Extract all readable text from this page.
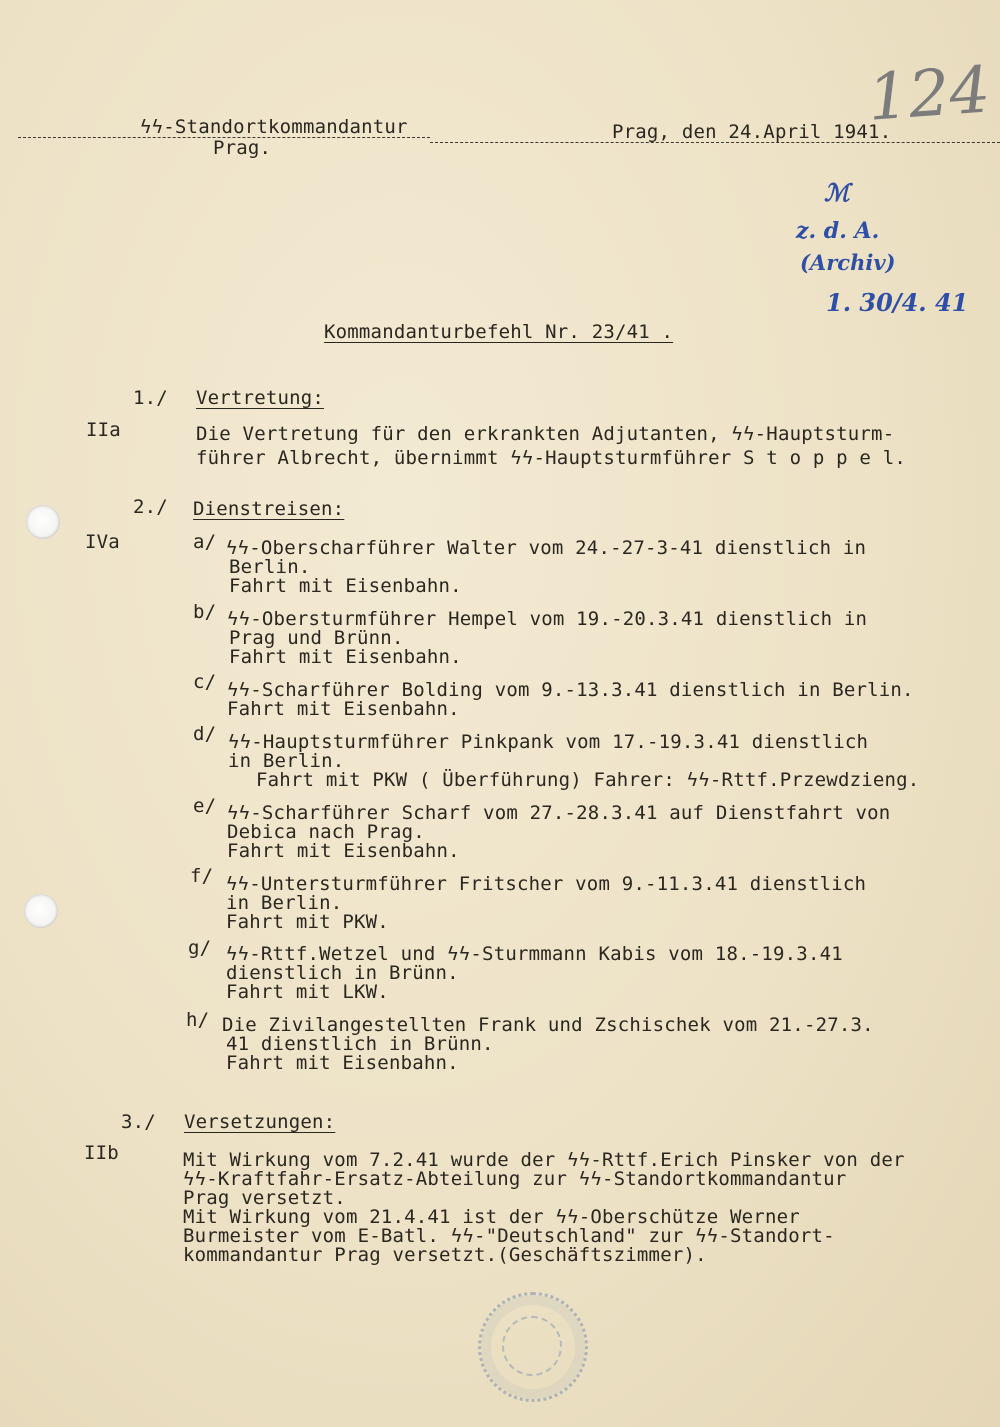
124
ϟϟ-Standortkommandantur
Prag.
Prag, den 24.April 1941.
ℳ
z. d. A.
(Archiv)
1. 30/4. 41
Kommandanturbefehl Nr. 23/41 .
1./ Vertretung:
IIa	Die Vertretung für den erkrankten Adjutanten, ϟϟ-Hauptsturm-
führer Albrecht, übernimmt ϟϟ-Hauptsturmführer S t o p p e l.
2./ Dienstreisen:
IVa	a/ ϟϟ-Oberscharführer Walter vom 24.-27-3-41 dienstlich in
Berlin.
Fahrt mit Eisenbahn.
b/ ϟϟ-Obersturmführer Hempel vom 19.-20.3.41 dienstlich in
Prag und Brünn.
Fahrt mit Eisenbahn.
c/ ϟϟ-Scharführer Bolding vom 9.-13.3.41 dienstlich in Berlin.
Fahrt mit Eisenbahn.
d/ ϟϟ-Hauptsturmführer Pinkpank vom 17.-19.3.41 dienstlich
in Berlin.
Fahrt mit PKW ( Überführung) Fahrer: ϟϟ-Rttf.Przewdzieng.
e/ ϟϟ-Scharführer Scharf vom 27.-28.3.41 auf Dienstfahrt von
Debica nach Prag.
Fahrt mit Eisenbahn.
f/ ϟϟ-Untersturmführer Fritscher vom 9.-11.3.41 dienstlich
in Berlin.
Fahrt mit PKW.
g/ ϟϟ-Rttf.Wetzel und ϟϟ-Sturmmann Kabis vom 18.-19.3.41
dienstlich in Brünn.
Fahrt mit LKW.
h/ Die Zivilangestellten Frank und Zschischek vom 21.-27.3.
41 dienstlich in Brünn.
Fahrt mit Eisenbahn.
3./ Versetzungen:
IIb	Mit Wirkung vom 7.2.41 wurde der ϟϟ-Rttf.Erich Pinsker von der
ϟϟ-Kraftfahr-Ersatz-Abteilung zur ϟϟ-Standortkommandantur
Prag versetzt.
Mit Wirkung vom 21.4.41 ist der ϟϟ-Oberschütze Werner
Burmeister vom E-Batl. ϟϟ-"Deutschland" zur ϟϟ-Standort-
kommandantur Prag versetzt.(Geschäftszimmer).
